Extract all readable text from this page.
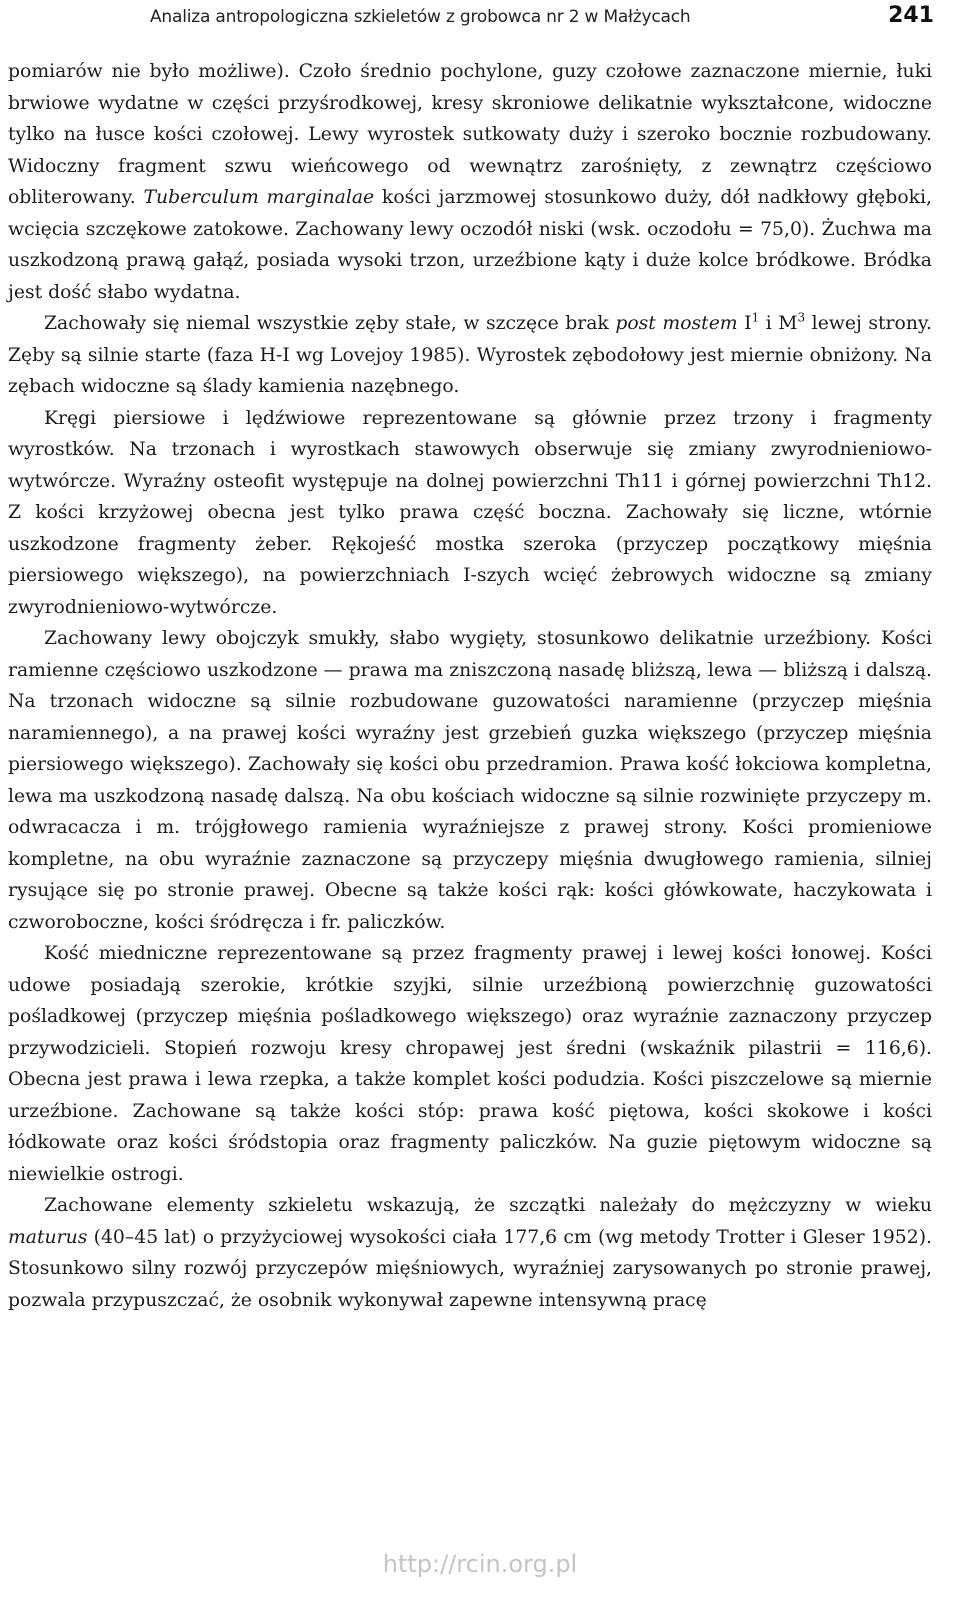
Analiza antropologiczna szkieletów z grobowca nr 2 w Małżycach	241

pomiarów nie było możliwe). Czoło średnio pochylone, guzy czołowe zaznaczone miernie, łuki brwiowe wydatne w części przyśrodkowej, kresy skroniowe delikatnie wykształcone, widoczne tylko na łusce kości czołowej. Lewy wyrostek sutkowaty duży i szeroko bocznie rozbudowany. Widoczny fragment szwu wieńcowego od wewnątrz zarośnięty, z zewnątrz częściowo obliterowany. Tuberculum marginalae kości jarzmowej stosunkowo duży, dół nadkłowy głęboki, wcięcia szczękowe zatokowe. Zachowany lewy oczodół niski (wsk. oczodołu = 75,0). Żuchwa ma uszkodzoną prawą gałąź, posiada wysoki trzon, urzeźbione kąty i duże kolce bródkowe. Bródka jest dość słabo wydatna.

Zachowały się niemal wszystkie zęby stałe, w szczęce brak post mostem $I^1$ i $M^3$ lewej strony. Zęby są silnie starte (faza H-I wg Lovejoy 1985). Wyrostek zębodołowy jest miernie obniżony. Na zębach widoczne są ślady kamienia nazębnego.

Kręgi piersiowe i lędźwiowe reprezentowane są głównie przez trzony i fragmenty wyrostków. Na trzonach i wyrostkach stawowych obserwuje się zmiany zwyrodnieniowo-wytwórcze. Wyraźny osteofit występuje na dolnej powierzchni Th11 i górnej powierzchni Th12. Z kości krzyżowej obecna jest tylko prawa część boczna. Zachowały się liczne, wtórnie uszkodzone fragmenty żeber. Rękojeść mostka szeroka (przyczep początkowy mięśnia piersiowego większego), na powierzchniach I-szych wcięć żebrowych widoczne są zmiany zwyrodnieniowo-wytwórcze.

Zachowany lewy obojczyk smukły, słabo wygięty, stosunkowo delikatnie urzeźbiony. Kości ramienne częściowo uszkodzone — prawa ma zniszczoną nasadę bliższą, lewa — bliższą i dalszą. Na trzonach widoczne są silnie rozbudowane guzowatości naramienne (przyczep mięśnia naramiennego), a na prawej kości wyraźny jest grzebień guzka większego (przyczep mięśnia piersiowego większego). Zachowały się kości obu przedramion. Prawa kość łokciowa kompletna, lewa ma uszkodzoną nasadę dalszą. Na obu kościach widoczne są silnie rozwinięte przyczepy m. odwracacza i m. trójgłowego ramienia wyraźniejsze z prawej strony. Kości promieniowe kompletne, na obu wyraźnie zaznaczone są przyczepy mięśnia dwugłowego ramienia, silniej rysujące się po stronie prawej. Obecne są także kości rąk: kości główkowate, haczykowata i czworoboczne, kości śródręcza i fr. paliczków.

Kość miedniczne reprezentowane są przez fragmenty prawej i lewej kości łonowej. Kości udowe posiadają szerokie, krótkie szyjki, silnie urzeźbioną powierzchnię guzowatości pośladkowej (przyczep mięśnia pośladkowego większego) oraz wyraźnie zaznaczony przyczep przywodzicieli. Stopień rozwoju kresy chropawej jest średni (wskaźnik pilastrii = 116,6). Obecna jest prawa i lewa rzepka, a także komplet kości podudzia. Kości piszczelowe są miernie urzeźbione. Zachowane są także kości stóp: prawa kość piętowa, kości skokowe i kości łódkowate oraz kości śródstopia oraz fragmenty paliczków. Na guzie piętowym widoczne są niewielkie ostrogi.

Zachowane elementy szkieletu wskazują, że szczątki należały do mężczyzny w wieku maturus (40–45 lat) o przyżyciowej wysokości ciała 177,6 cm (wg metody Trotter i Gleser 1952). Stosunkowo silny rozwój przyczepów mięśniowych, wyraźniej zarysowanych po stronie prawej, pozwala przypuszczać, że osobnik wykonywał zapewne intensywną pracę

http://rcin.org.pl
